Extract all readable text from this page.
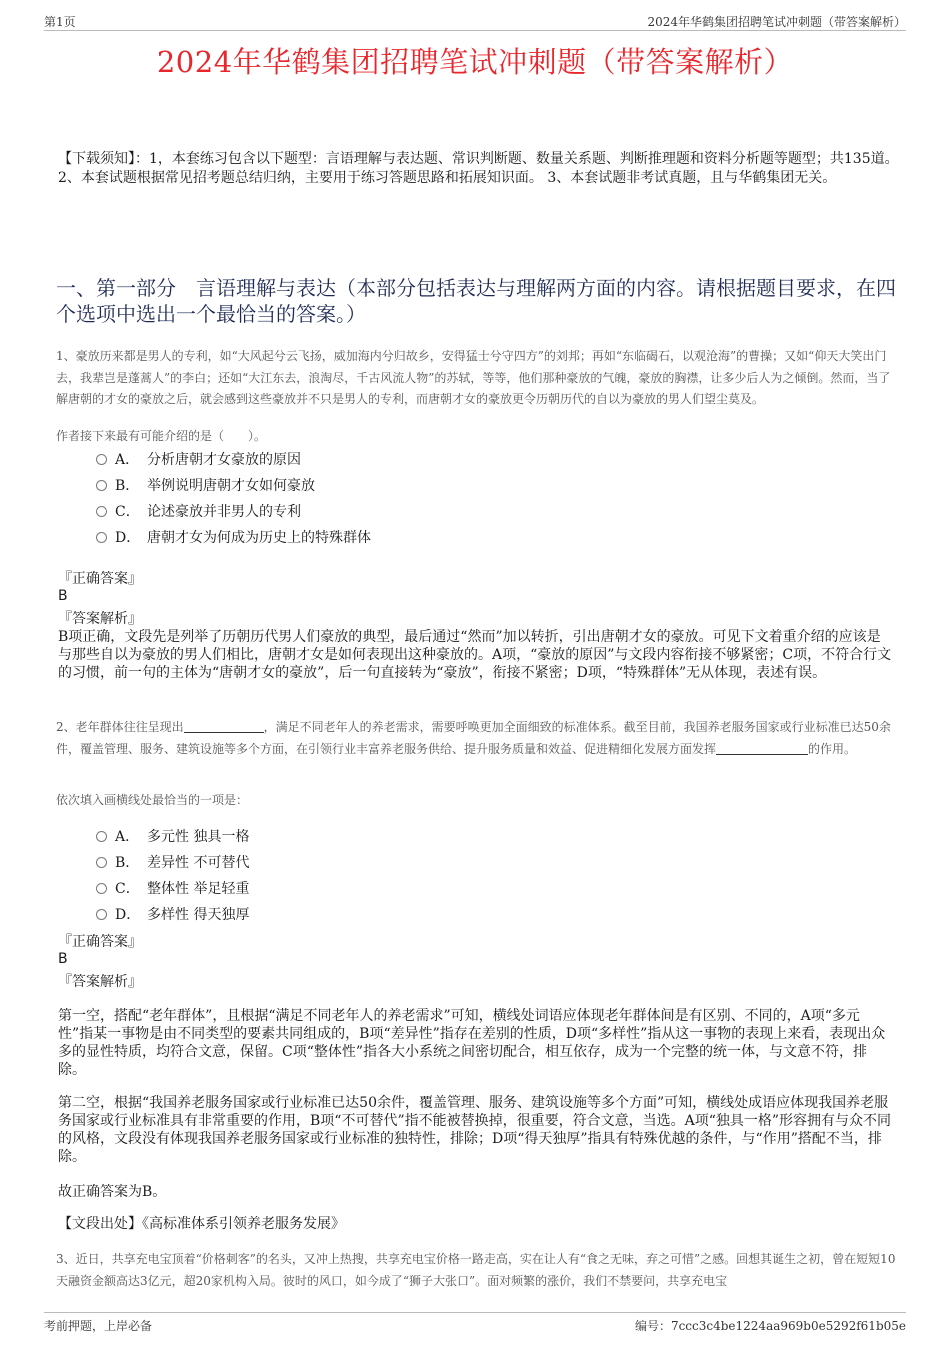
第1页	2024年华鹤集团招聘笔试冲刺题（带答案解析）
2024年华鹤集团招聘笔试冲刺题（带答案解析）
【下载须知】：1，本套练习包含以下题型：言语理解与表达题、常识判断题、数量关系题、判断推理题和资料分析题等题型；共135道。 2、本套试题根据常见招考题总结归纳，主要用于练习答题思路和拓展知识面。 3、本套试题非考试真题，且与华鹤集团无关。
一、第一部分　言语理解与表达（本部分包括表达与理解两方面的内容。请根据题目要求，在四个选项中选出一个最恰当的答案。）
1、豪放历来都是男人的专利，如“大风起兮云飞扬，威加海内兮归故乡，安得猛士兮守四方”的刘邦；再如“东临碣石，以观沧海”的曹操；又如“仰天大笑出门去，我辈岂是蓬蒿人”的李白；还如“大江东去，浪淘尽，千古风流人物”的苏轼，等等，他们那种豪放的气魄，豪放的胸襟，让多少后人为之倾倒。然而，当了解唐朝的才女的豪放之后，就会感到这些豪放并不只是男人的专利，而唐朝才女的豪放更令历朝历代的自以为豪放的男人们望尘莫及。
作者接下来最有可能介绍的是（　　）。
A． 分析唐朝才女豪放的原因
B． 举例说明唐朝才女如何豪放
C． 论述豪放并非男人的专利
D． 唐朝才女为何成为历史上的特殊群体
『正确答案』
B
『答案解析』
B项正确，文段先是列举了历朝历代男人们豪放的典型，最后通过“然而”加以转折，引出唐朝才女的豪放。可见下文着重介绍的应该是与那些自以为豪放的男人们相比，唐朝才女是如何表现出这种豪放的。A项，“豪放的原因”与文段内容衔接不够紧密；C项，不符合行文的习惯，前一句的主体为“唐朝才女的豪放”，后一句直接转为“豪放”，衔接不紧密；D项，“特殊群体”无从体现，表述有误。
2、老年群体往往呈现出	，满足不同老年人的养老需求，需要呼唤更加全面细致的标准体系。截至目前，我国养老服务国家或行业标准已达50余件，覆盖管理、服务、建筑设施等多个方面，在引领行业丰富养老服务供给、提升服务质量和效益、促进精细化发展方面发挥	的作用。
依次填入画横线处最恰当的一项是：
A． 多元性 独具一格
B． 差异性 不可替代
C． 整体性 举足轻重
D． 多样性 得天独厚
『正确答案』
B
『答案解析』
第一空，搭配“老年群体”，且根据“满足不同老年人的养老需求”可知，横线处词语应体现老年群体间是有区别、不同的，A项“多元性”指某一事物是由不同类型的要素共同组成的，B项“差异性”指存在差别的性质，D项“多样性”指从这一事物的表现上来看，表现出众多的显性特质，均符合文意，保留。C项“整体性”指各大小系统之间密切配合，相互依存，成为一个完整的统一体，与文意不符，排除。
第二空，根据“我国养老服务国家或行业标准已达50余件，覆盖管理、服务、建筑设施等多个方面”可知，横线处成语应体现我国养老服务国家或行业标准具有非常重要的作用，B项“不可替代”指不能被替换掉，很重要，符合文意，当选。A项“独具一格”形容拥有与众不同的风格，文段没有体现我国养老服务国家或行业标准的独特性，排除；D项“得天独厚”指具有特殊优越的条件，与“作用”搭配不当，排除。
故正确答案为B。
【文段出处】《高标准体系引领养老服务发展》
3、近日，共享充电宝顶着“价格刺客”的名头，又冲上热搜，共享充电宝价格一路走高，实在让人有“食之无味，弃之可惜”之感。回想其诞生之初，曾在短短10天融资金额高达3亿元，超20家机构入局。彼时的风口，如今成了“狮子大张口”。面对频繁的涨价，我们不禁要问，共享充电宝
考前押题，上岸必备	编号：7ccc3c4be1224aa969b0e5292f61b05e
